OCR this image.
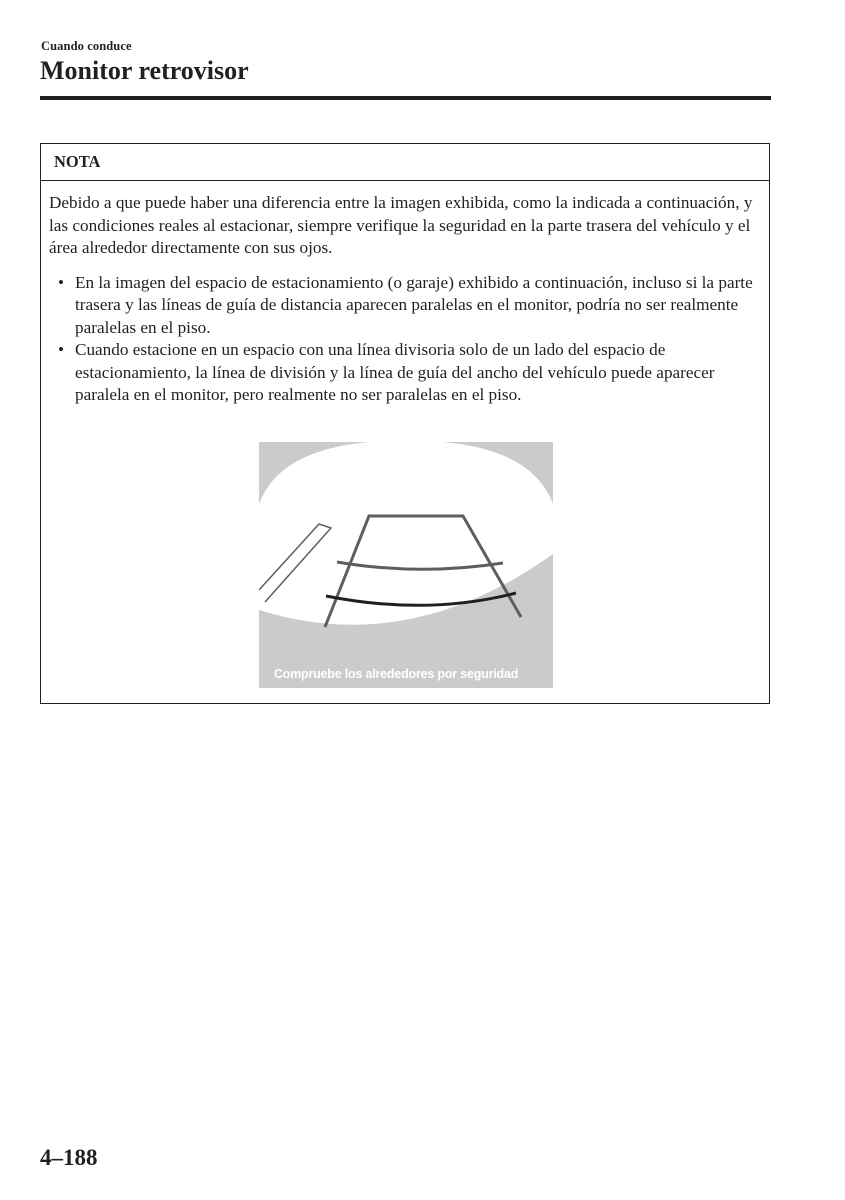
Cuando conduce
Monitor retrovisor
NOTA

Debido a que puede haber una diferencia entre la imagen exhibida, como la indicada a continuación, y las condiciones reales al estacionar, siempre verifique la seguridad en la parte trasera del vehículo y el área alrededor directamente con sus ojos.

• En la imagen del espacio de estacionamiento (o garaje) exhibido a continuación, incluso si la parte trasera y las líneas de guía de distancia aparecen paralelas en el monitor, podría no ser realmente paralelas en el piso.
• Cuando estacione en un espacio con una línea divisoria solo de un lado del espacio de estacionamiento, la línea de división y la línea de guía del ancho del vehículo puede aparecer paralela en el monitor, pero realmente no ser paralelas en el piso.
Compruebe los alrededores por seguridad
4–188
